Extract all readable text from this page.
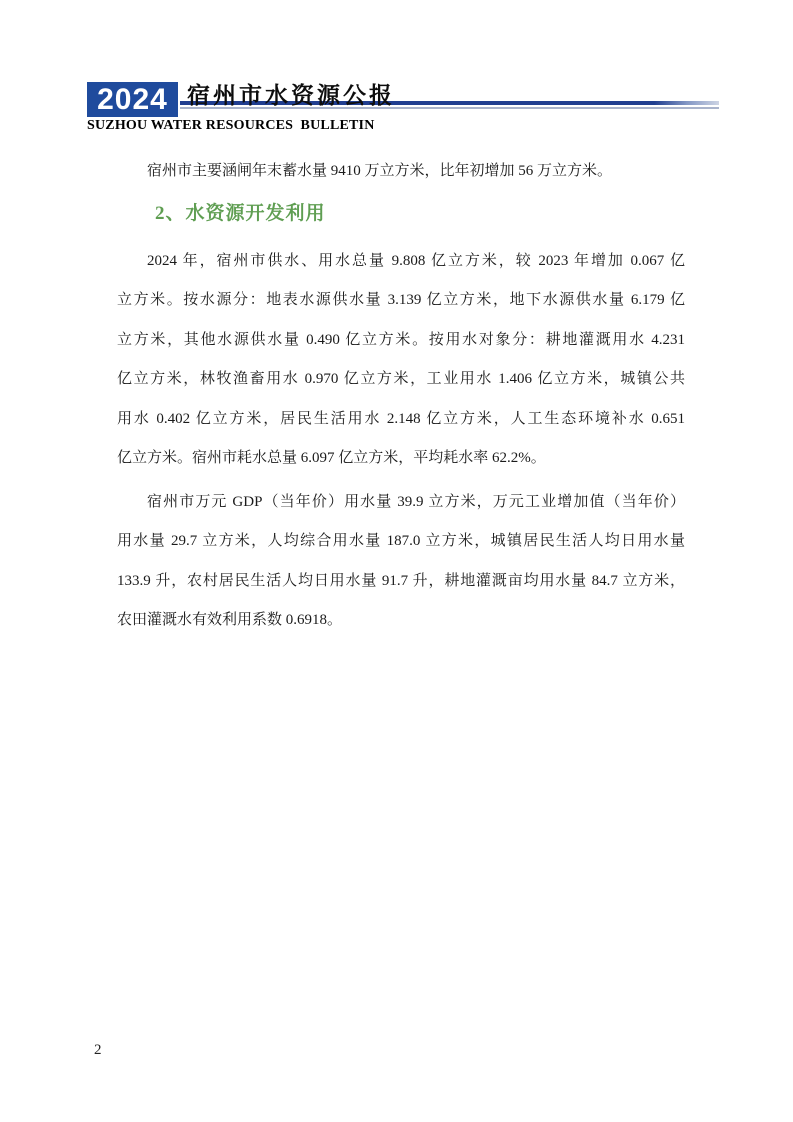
2024 宿州市水资源公报
SUZHOU WATER RESOURCES  BULLETIN
宿州市主要涵闸年末蓄水量 9410 万立方米，比年初增加 56 万立方米。
2、水资源开发利用
2024 年，宿州市供水、用水总量 9.808 亿立方米，较 2023 年增加 0.067 亿
立方米。按水源分：地表水源供水量 3.139 亿立方米，地下水源供水量 6.179 亿
立方米，其他水源供水量 0.490 亿立方米。按用水对象分：耕地灌溉用水 4.231
亿立方米，林牧渔畜用水 0.970 亿立方米，工业用水 1.406 亿立方米，城镇公共
用水 0.402 亿立方米，居民生活用水 2.148 亿立方米，人工生态环境补水 0.651
亿立方米。宿州市耗水总量 6.097 亿立方米，平均耗水率 62.2%。
宿州市万元 GDP（当年价）用水量 39.9 立方米，万元工业增加值（当年价）
用水量 29.7 立方米，人均综合用水量 187.0 立方米，城镇居民生活人均日用水量
133.9 升，农村居民生活人均日用水量 91.7 升，耕地灌溉亩均用水量 84.7 立方米，
农田灌溉水有效利用系数 0.6918。
2
